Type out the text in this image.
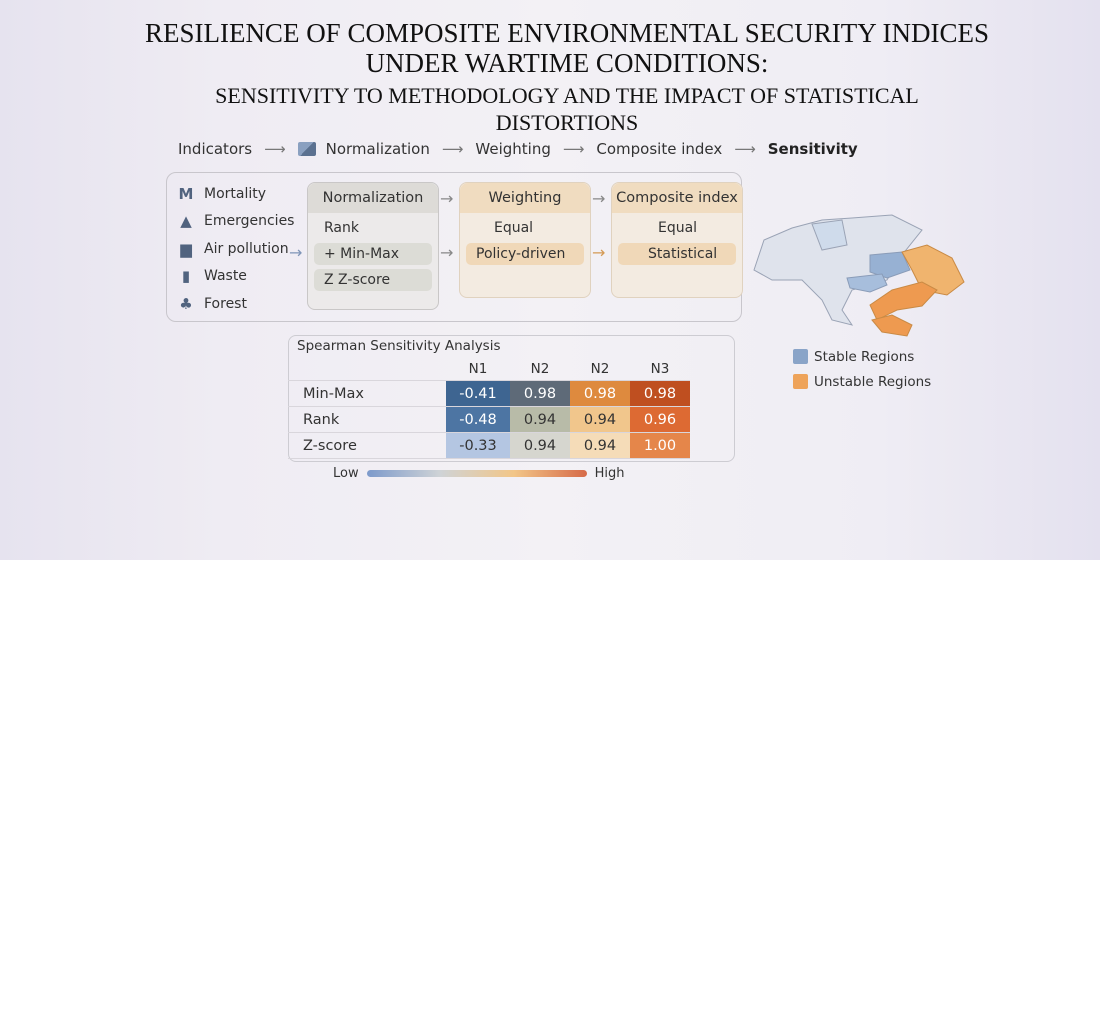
RESILIENCE OF COMPOSITE ENVIRONMENTAL SECURITY INDICES
UNDER WARTIME CONDITIONS:
SENSITIVITY TO METHODOLOGY AND THE IMPACT OF STATISTICAL
DISTORTIONS
Indicators ⟶	Normalization ⟶ Weighting ⟶ Composite index ⟶ Sensitivity
M Mortality
▲ Emergencies
▆ Air pollution
▮ Waste
♣ Forest
→
Normalization
Rank
+ Min-Max
Z Z-score
→
→
Weighting
Equal
Policy-driven
→
→
Composite index
Equal
Statistical
Spearman Sensitivity Analysis
	N1	N2	N2	N3
Min-Max	-0.41	0.98	0.98	0.98
Rank	-0.48	0.94	0.94	0.96
Z-score	-0.33	0.94	0.94	1.00
Low	High
Stable Regions
Unstable Regions
